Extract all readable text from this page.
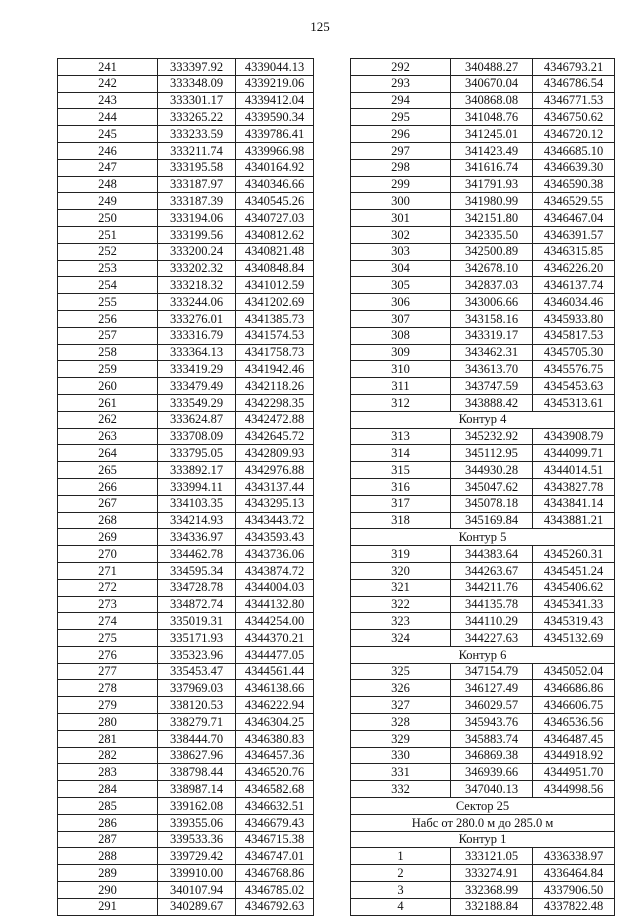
125
241	333397.92	4339044.13
242	333348.09	4339219.06
243	333301.17	4339412.04
244	333265.22	4339590.34
245	333233.59	4339786.41
246	333211.74	4339966.98
247	333195.58	4340164.92
248	333187.97	4340346.66
249	333187.39	4340545.26
250	333194.06	4340727.03
251	333199.56	4340812.62
252	333200.24	4340821.48
253	333202.32	4340848.84
254	333218.32	4341012.59
255	333244.06	4341202.69
256	333276.01	4341385.73
257	333316.79	4341574.53
258	333364.13	4341758.73
259	333419.29	4341942.46
260	333479.49	4342118.26
261	333549.29	4342298.35
262	333624.87	4342472.88
263	333708.09	4342645.72
264	333795.05	4342809.93
265	333892.17	4342976.88
266	333994.11	4343137.44
267	334103.35	4343295.13
268	334214.93	4343443.72
269	334336.97	4343593.43
270	334462.78	4343736.06
271	334595.34	4343874.72
272	334728.78	4344004.03
273	334872.74	4344132.80
274	335019.31	4344254.00
275	335171.93	4344370.21
276	335323.96	4344477.05
277	335453.47	4344561.44
278	337969.03	4346138.66
279	338120.53	4346222.94
280	338279.71	4346304.25
281	338444.70	4346380.83
282	338627.96	4346457.36
283	338798.44	4346520.76
284	338987.14	4346582.68
285	339162.08	4346632.51
286	339355.06	4346679.43
287	339533.36	4346715.38
288	339729.42	4346747.01
289	339910.00	4346768.86
290	340107.94	4346785.02
291	340289.67	4346792.63
292	340488.27	4346793.21
293	340670.04	4346786.54
294	340868.08	4346771.53
295	341048.76	4346750.62
296	341245.01	4346720.12
297	341423.49	4346685.10
298	341616.74	4346639.30
299	341791.93	4346590.38
300	341980.99	4346529.55
301	342151.80	4346467.04
302	342335.50	4346391.57
303	342500.89	4346315.85
304	342678.10	4346226.20
305	342837.03	4346137.74
306	343006.66	4346034.46
307	343158.16	4345933.80
308	343319.17	4345817.53
309	343462.31	4345705.30
310	343613.70	4345576.75
311	343747.59	4345453.63
312	343888.42	4345313.61
Контур 4		
313	345232.92	4343908.79
314	345112.95	4344099.71
315	344930.28	4344014.51
316	345047.62	4343827.78
317	345078.18	4343841.14
318	345169.84	4343881.21
Контур 5		
319	344383.64	4345260.31
320	344263.67	4345451.24
321	344211.76	4345406.62
322	344135.78	4345341.33
323	344110.29	4345319.43
324	344227.63	4345132.69
Контур 6		
325	347154.79	4345052.04
326	346127.49	4346686.86
327	346029.57	4346606.75
328	345943.76	4346536.56
329	345883.74	4346487.45
330	346869.38	4344918.92
331	346939.66	4344951.70
332	347040.13	4344998.56
Сектор 25		
Набс от 280.0 м до 285.0 м		
Контур 1		
1	333121.05	4336338.97
2	333274.91	4336464.84
3	332368.99	4337906.50
4	332188.84	4337822.48
